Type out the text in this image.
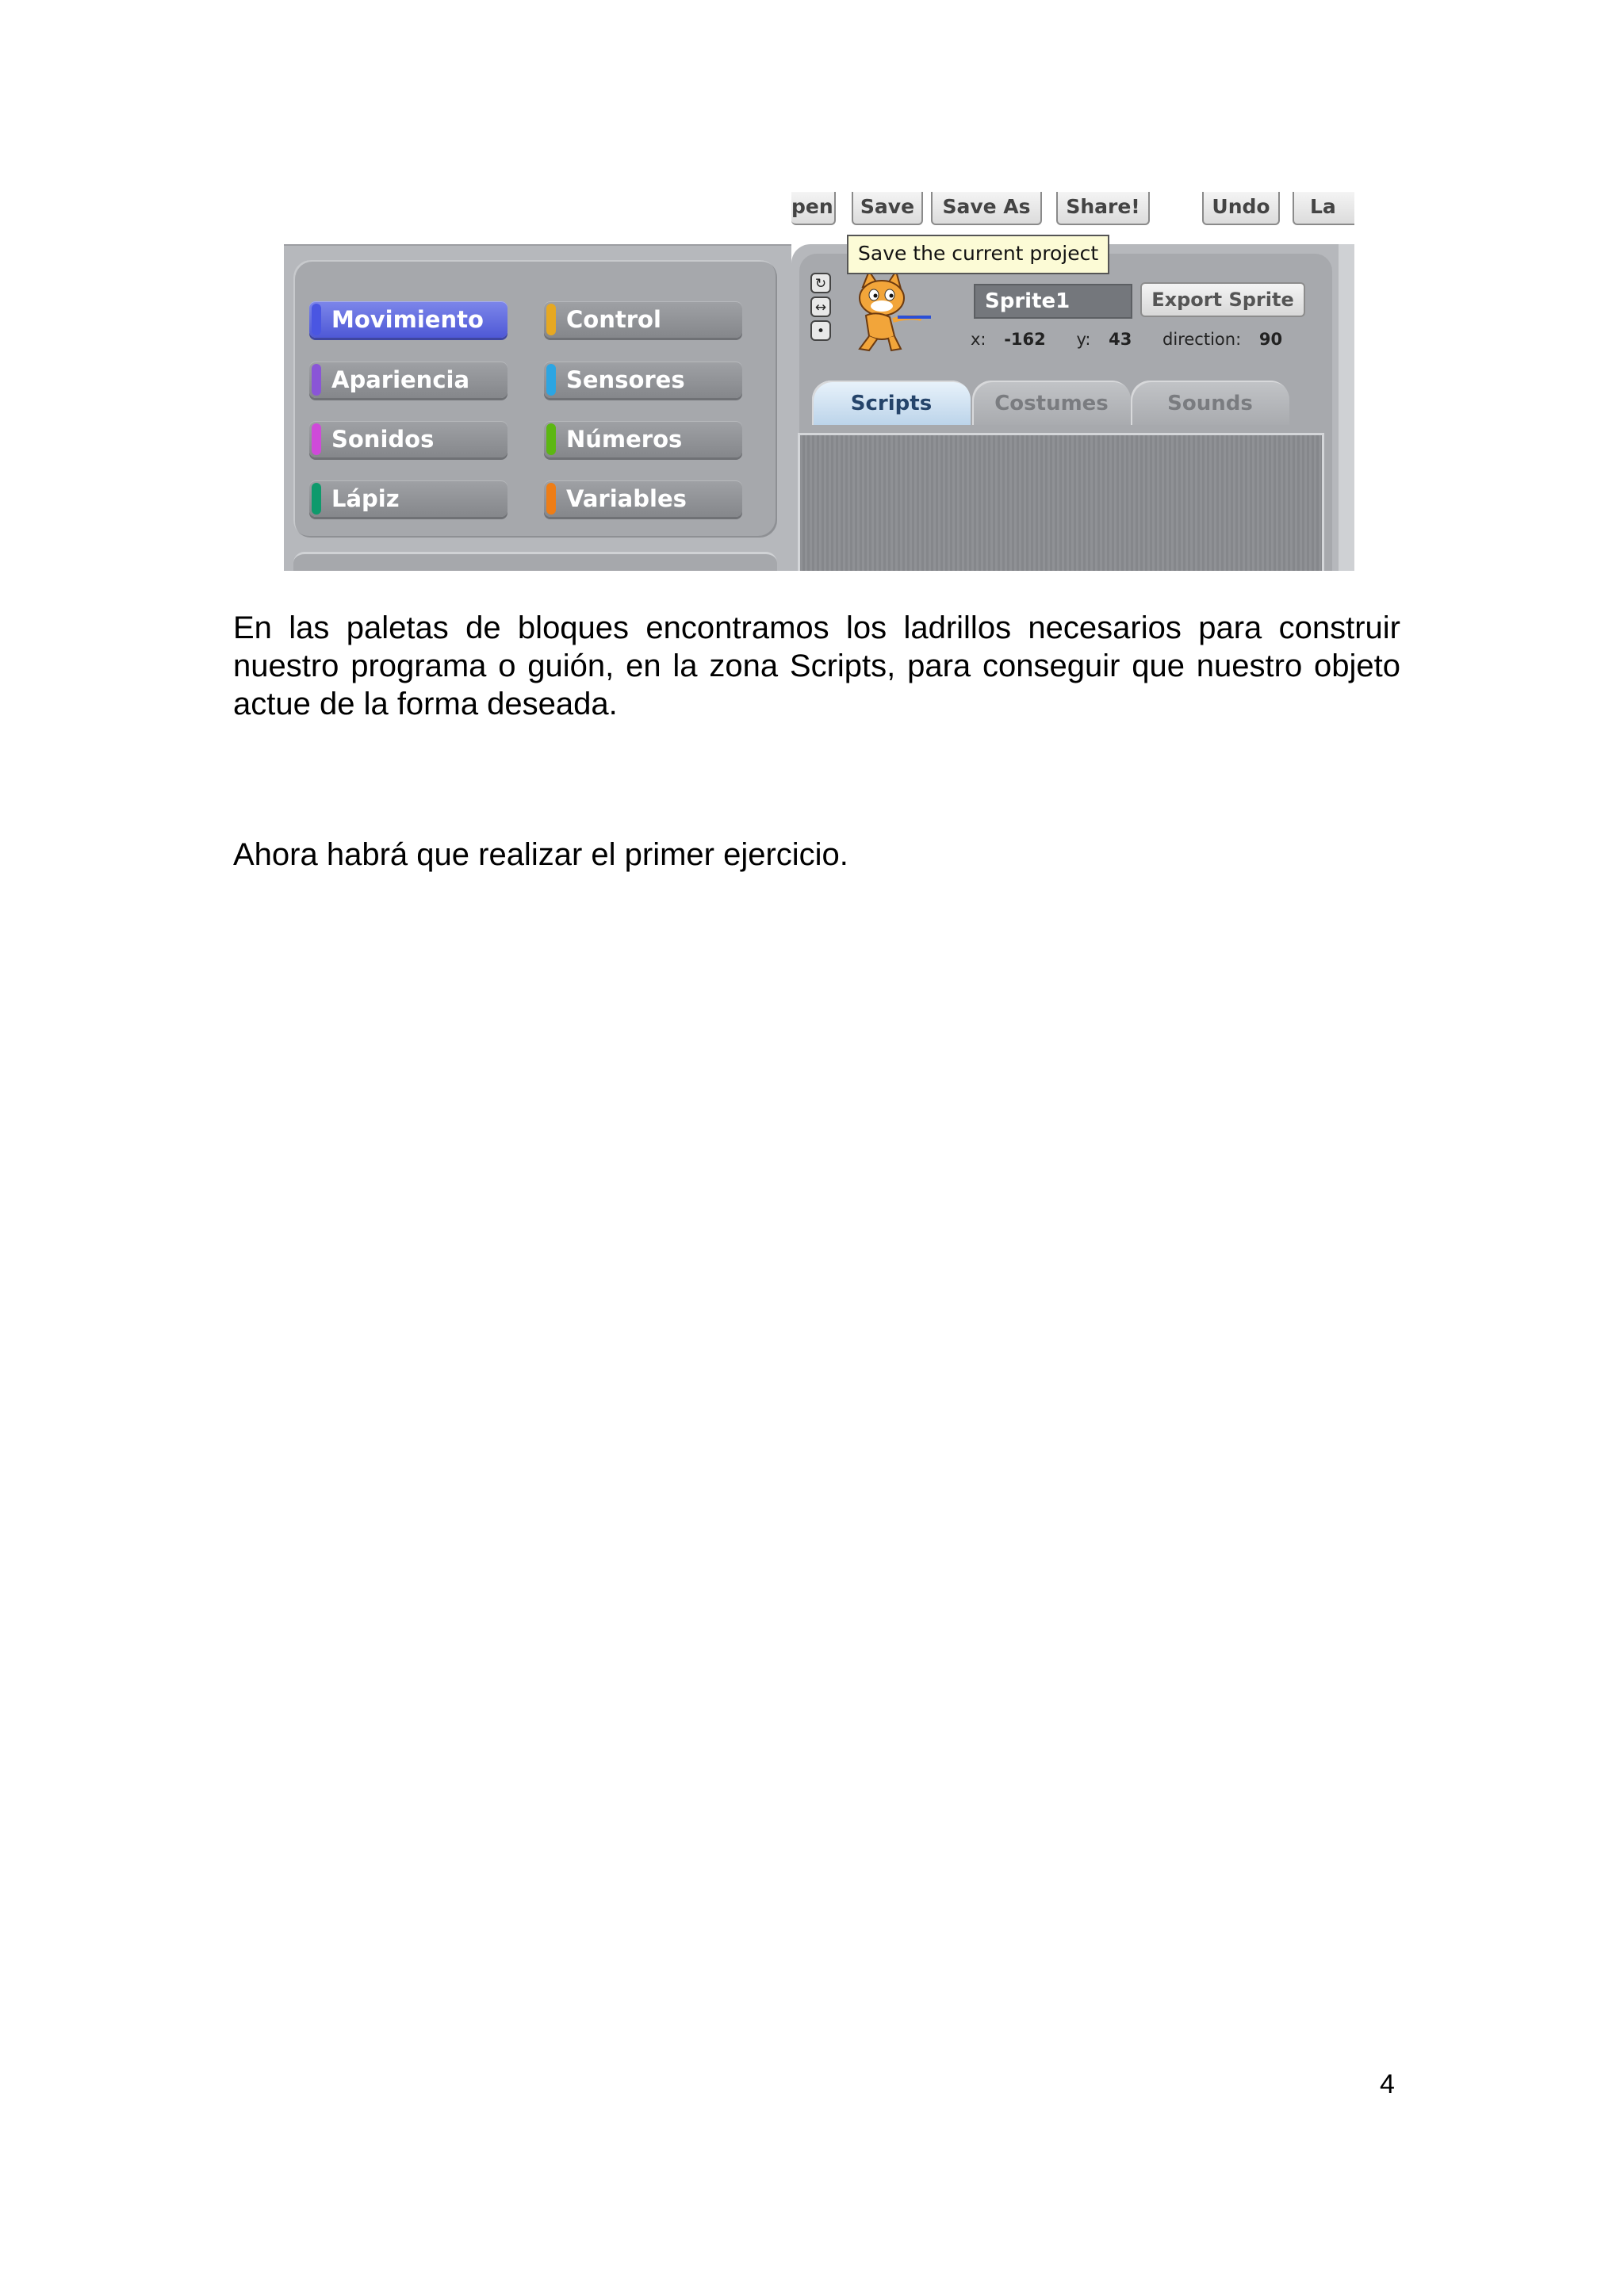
Movimiento	Control
Apariencia	Sensores
Sonidos	Números
Lápiz	Variables
pen	Save	Save As	Share!	Undo	La
Save the current project
↻
↔
•
Sprite1	Export Sprite
x: -162 y: 43 direction: 90
Scripts	Costumes	Sounds

En las paletas de bloques encontramos los ladrillos necesarios para construir nuestro programa o guión, en la zona Scripts, para conseguir que nuestro objeto actue de la forma deseada.

Ahora habrá que realizar el primer ejercicio.

4
